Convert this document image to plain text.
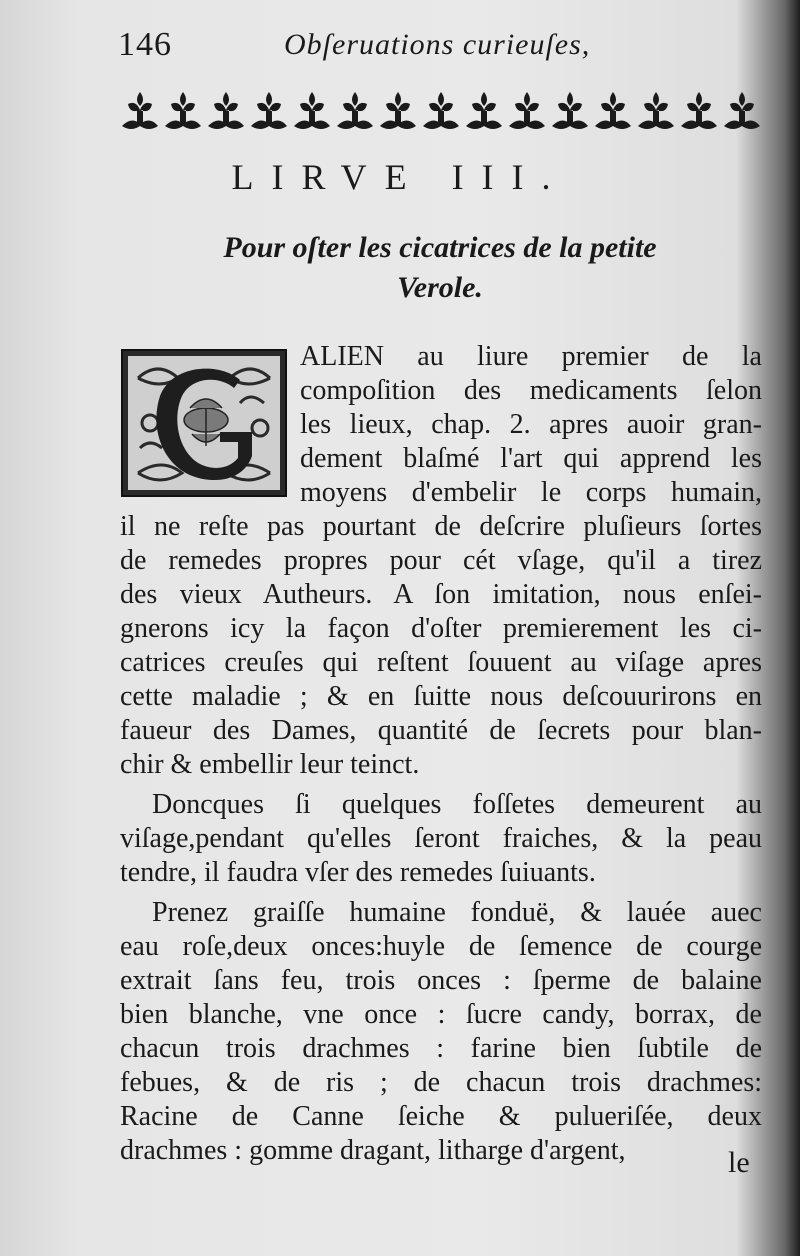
146	Obſeruations curieuſes,
LIRVE III.
Pour oſter les cicatrices de la petite
Verole.
ALIEN au liure premier de la
compoſition des medicaments ſelon
les lieux, chap. 2. apres auoir gran-
dement blaſmé l'art qui apprend les
moyens d'embelir le corps humain,
il ne reſte pas pourtant de deſcrire pluſieurs ſortes
de remedes propres pour cét vſage, qu'il a tirez
des vieux Autheurs. A ſon imitation, nous enſei-
gnerons icy la façon d'oſter premierement les ci-
catrices creuſes qui reſtent ſouuent au viſage apres
cette maladie ; & en ſuitte nous deſcouurirons en
faueur des Dames, quantité de ſecrets pour blan-
chir & embellir leur teinct.
Doncques ſi quelques foſſetes demeurent au
viſage,pendant qu'elles ſeront fraiches, & la peau
tendre, il faudra vſer des remedes ſuiuants.
Prenez graiſſe humaine fonduë, & lauée auec
eau roſe,deux onces:huyle de ſemence de courge
extrait ſans feu, trois onces : ſperme de balaine
bien blanche, vne once : ſucre candy, borrax, de
chacun trois drachmes : farine bien ſubtile de
febues, & de ris ; de chacun trois drachmes:
Racine de Canne ſeiche & pulueriſée, deux
drachmes : gomme dragant, litharge d'argent,	le
